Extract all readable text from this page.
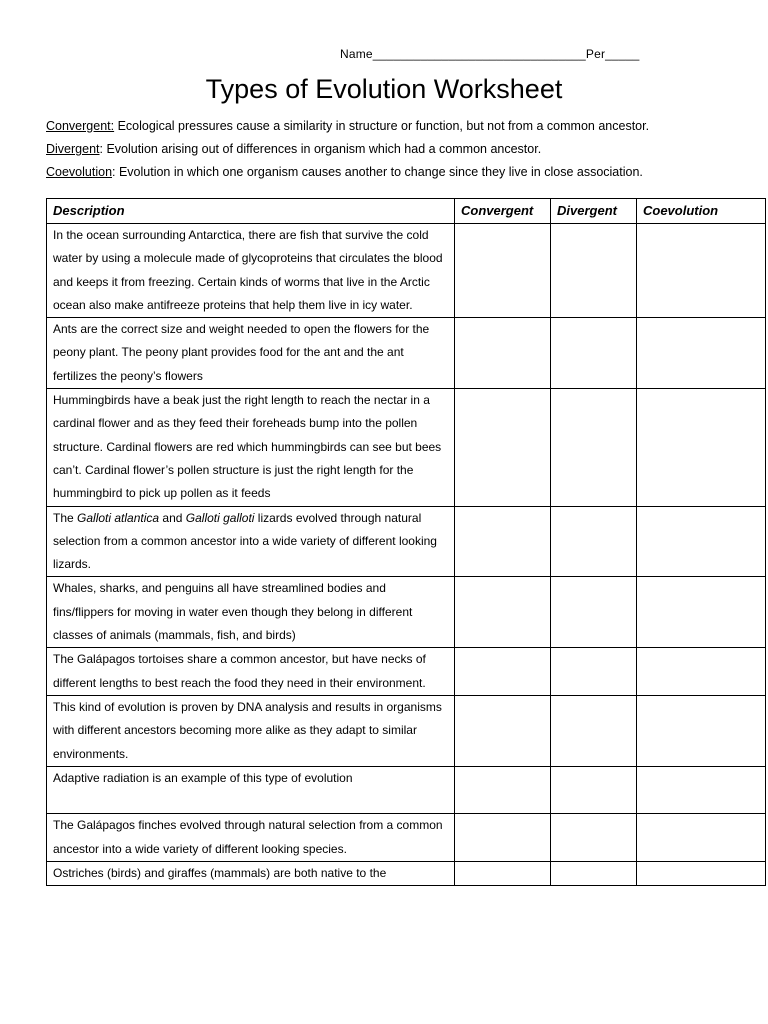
Name_______________________________Per_____
Types of Evolution Worksheet
Convergent: Ecological pressures cause a similarity in structure or function, but not from a common ancestor.
Divergent: Evolution arising out of differences in organism which had a common ancestor.
Coevolution: Evolution in which one organism causes another to change since they live in close association.
Description	Convergent	Divergent	Coevolution
In the ocean surrounding Antarctica, there are fish that survive the cold water by using a molecule made of glycoproteins that circulates the blood and keeps it from freezing. Certain kinds of worms that live in the Arctic ocean also make antifreeze proteins that help them live in icy water.			
Ants are the correct size and weight needed to open the flowers for the peony plant. The peony plant provides food for the ant and the ant fertilizes the peony’s flowers			
Hummingbirds have a beak just the right length to reach the nectar in a cardinal flower and as they feed their foreheads bump into the pollen structure. Cardinal flowers are red which hummingbirds can see but bees can’t. Cardinal flower’s pollen structure is just the right length for the hummingbird to pick up pollen as it feeds			
The Galloti atlantica and Galloti galloti lizards evolved through natural selection from a common ancestor into a wide variety of different looking lizards.			
Whales, sharks, and penguins all have streamlined bodies and fins/flippers for moving in water even though they belong in different classes of animals (mammals, fish, and birds)			
The Galápagos tortoises share a common ancestor, but have necks of different lengths to best reach the food they need in their environment.			
This kind of evolution is proven by DNA analysis and results in organisms with different ancestors becoming more alike as they adapt to similar environments.			
Adaptive radiation is an example of this type of evolution

The Galápagos finches evolved through natural selection from a common ancestor into a wide variety of different looking species.			
Ostriches (birds) and giraffes (mammals) are both native to the			
